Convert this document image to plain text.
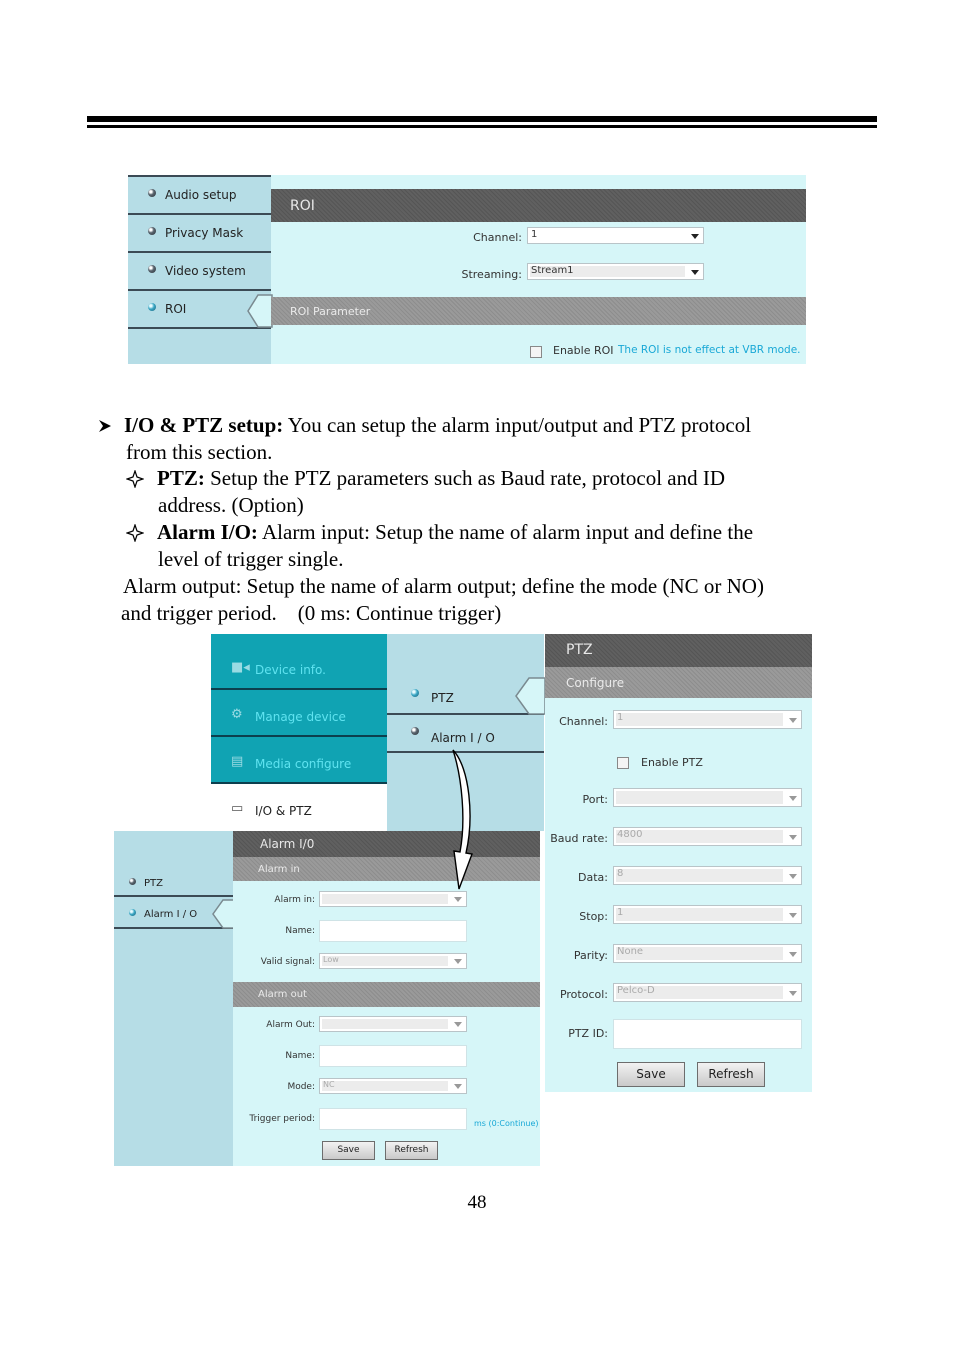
Audio setup
Privacy Mask
Video system
ROI
ROI
Channel: 1
Streaming: Stream1
ROI Parameter
Enable ROI The ROI is not effect at VBR mode.
I/O & PTZ setup: You can setup the alarm input/output and PTZ protocol
from this section.
PTZ: Setup the PTZ parameters such as Baud rate, protocol and ID
address. (Option)
Alarm I/O: Alarm input: Setup the name of alarm input and define the
level of trigger single.
Alarm output: Setup the name of alarm output; define the mode (NC or NO)
and trigger period.    (0 ms: Continue trigger)
■◂ Device info.
⚙	Manage device
▤ Media configure
▭ I/O & PTZ
PTZ
Alarm I / O
PTZ
Configure
Channel: 1
Enable PTZ
Port:
Baud rate: 4800
Data: 8
Stop: 1
Parity: None
Protocol: Pelco-D
PTZ ID:
Save	Refresh
PTZ
Alarm I / O
Alarm I/0
Alarm in
Alarm in:
Name:
Valid signal: Low
Alarm out
Alarm Out:
Name:
Mode: NC
Trigger period:	ms (0:Continue)
Save	Refresh
48
